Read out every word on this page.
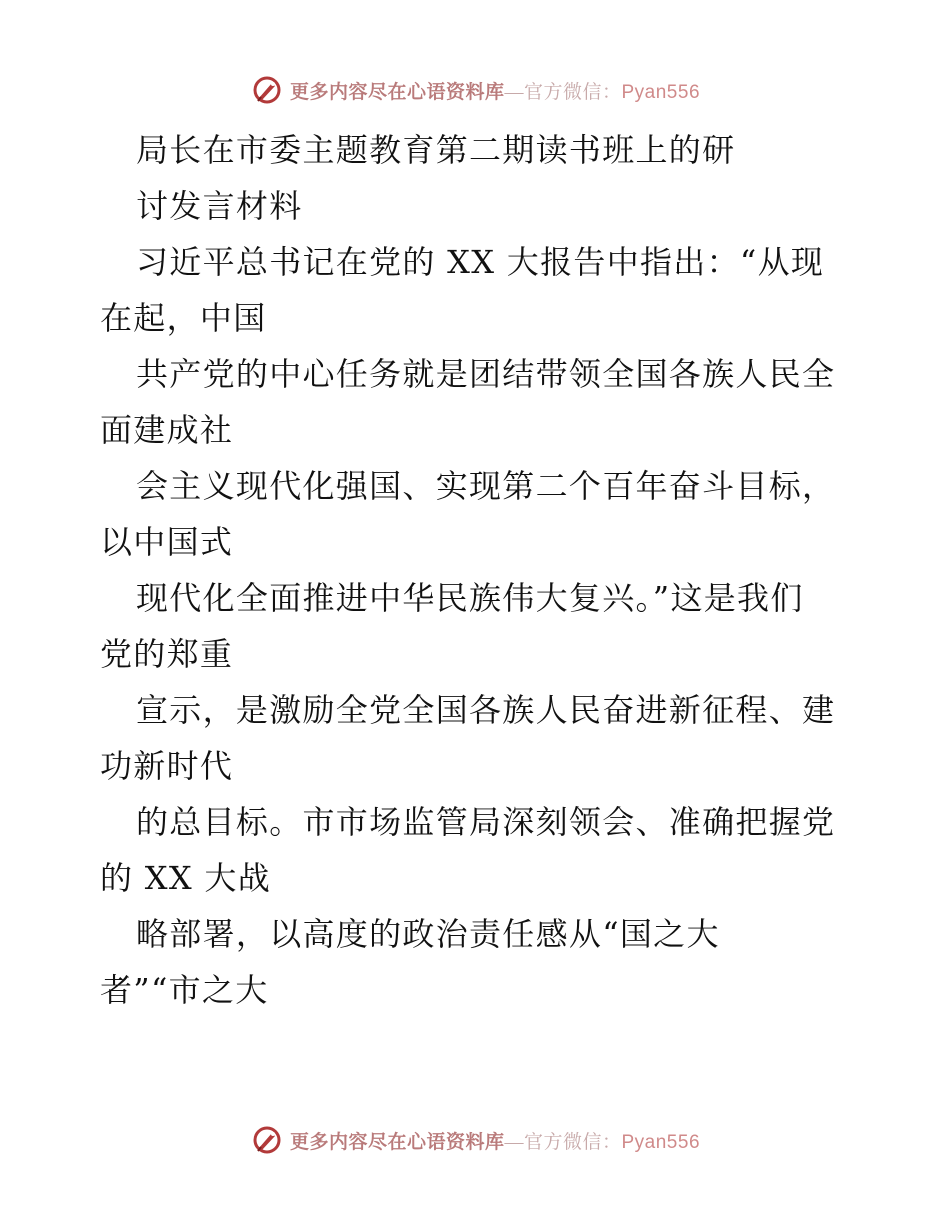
更多内容尽在心语资料库—官方微信：Pyan556
局长在市委主题教育第二期读书班上的研
讨发言材料
习近平总书记在党的 XX 大报告中指出：“从现
在起，中国
共产党的中心任务就是团结带领全国各族人民全
面建成社
会主义现代化强国、实现第二个百年奋斗目标，
以中国式
现代化全面推进中华民族伟大复兴。”这是我们
党的郑重
宣示，是激励全党全国各族人民奋进新征程、建
功新时代
的总目标。市市场监管局深刻领会、准确把握党
的 XX 大战
略部署，以高度的政治责任感从“国之大
者”“市之大
更多内容尽在心语资料库—官方微信：Pyan556
